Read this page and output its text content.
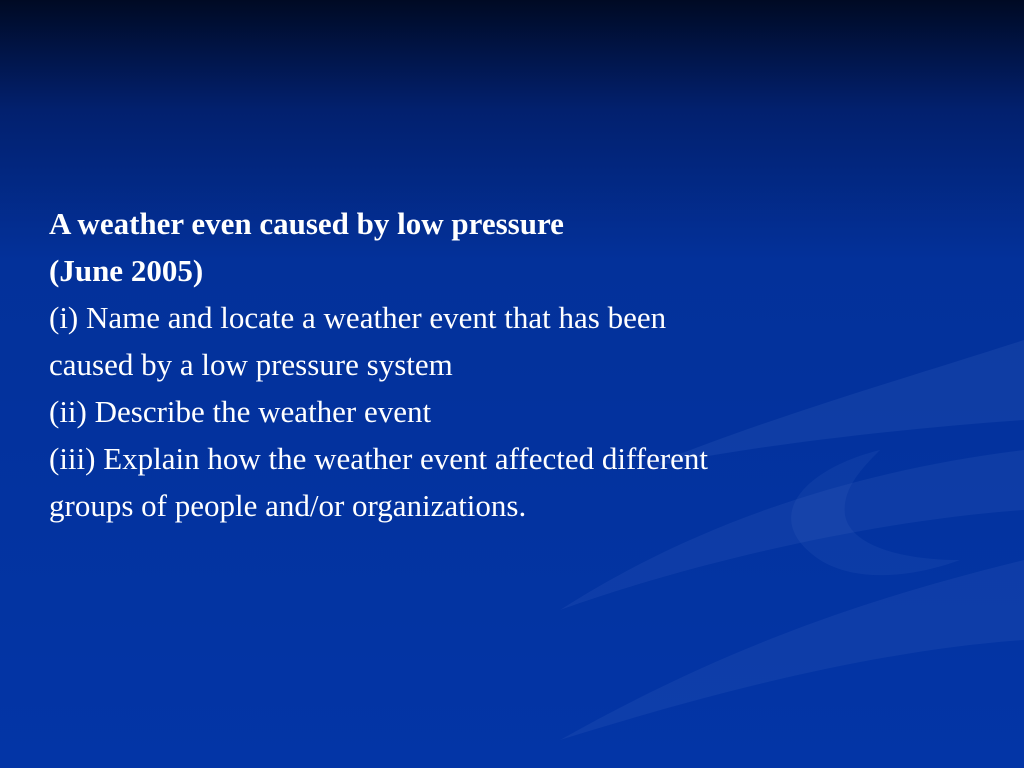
A weather even caused by low pressure

(June 2005)

(i) Name and locate a weather event that has been caused by a low pressure system

(ii) Describe the weather event

(iii) Explain how the weather event affected different groups of people and/or organizations.
